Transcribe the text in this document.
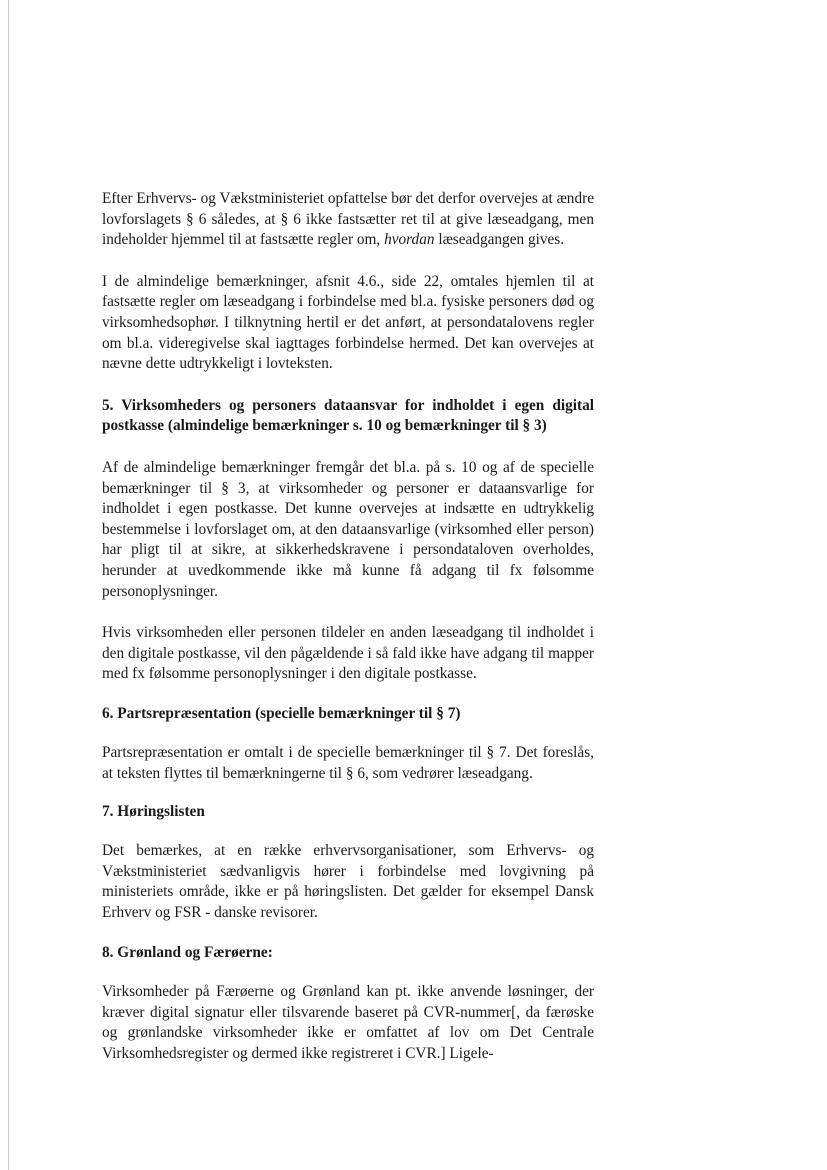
Efter Erhvervs- og Vækstministeriet opfattelse bør det derfor overvejes at ændre lovforslagets § 6 således, at § 6 ikke fastsætter ret til at give læseadgang, men indeholder hjemmel til at fastsætte regler om, hvordan læseadgangen gives.

I de almindelige bemærkninger, afsnit 4.6., side 22, omtales hjemlen til at fastsætte regler om læseadgang i forbindelse med bl.a. fysiske personers død og virksomhedsophør. I tilknytning hertil er det anført, at persondatalovens regler om bl.a. videregivelse skal iagttages forbindelse hermed. Det kan overvejes at nævne dette udtrykkeligt i lovteksten.

5. Virksomheders og personers dataansvar for indholdet i egen digital postkasse (almindelige bemærkninger s. 10 og bemærkninger til § 3)

Af de almindelige bemærkninger fremgår det bl.a. på s. 10 og af de specielle bemærkninger til § 3, at virksomheder og personer er dataansvarlige for indholdet i egen postkasse. Det kunne overvejes at indsætte en udtrykkelig bestemmelse i lovforslaget om, at den dataansvarlige (virksomhed eller person) har pligt til at sikre, at sikkerhedskravene i persondataloven overholdes, herunder at uvedkommende ikke må kunne få adgang til fx følsomme personoplysninger.

Hvis virksomheden eller personen tildeler en anden læseadgang til indholdet i den digitale postkasse, vil den pågældende i så fald ikke have adgang til mapper med fx følsomme personoplysninger i den digitale postkasse.

6. Partsrepræsentation (specielle bemærkninger til § 7)

Partsrepræsentation er omtalt i de specielle bemærkninger til § 7. Det foreslås, at teksten flyttes til bemærkningerne til § 6, som vedrører læseadgang.

7. Høringslisten

Det bemærkes, at en række erhvervsorganisationer, som Erhvervs- og Vækstministeriet sædvanligvis hører i forbindelse med lovgivning på ministeriets område, ikke er på høringslisten. Det gælder for eksempel Dansk Erhverv og FSR - danske revisorer.

8. Grønland og Færøerne:

Virksomheder på Færøerne og Grønland kan pt. ikke anvende løsninger, der kræver digital signatur eller tilsvarende baseret på CVR-nummer[, da færøske og grønlandske virksomheder ikke er omfattet af lov om Det Centrale Virksomhedsregister og dermed ikke registreret i CVR.] Ligele-
